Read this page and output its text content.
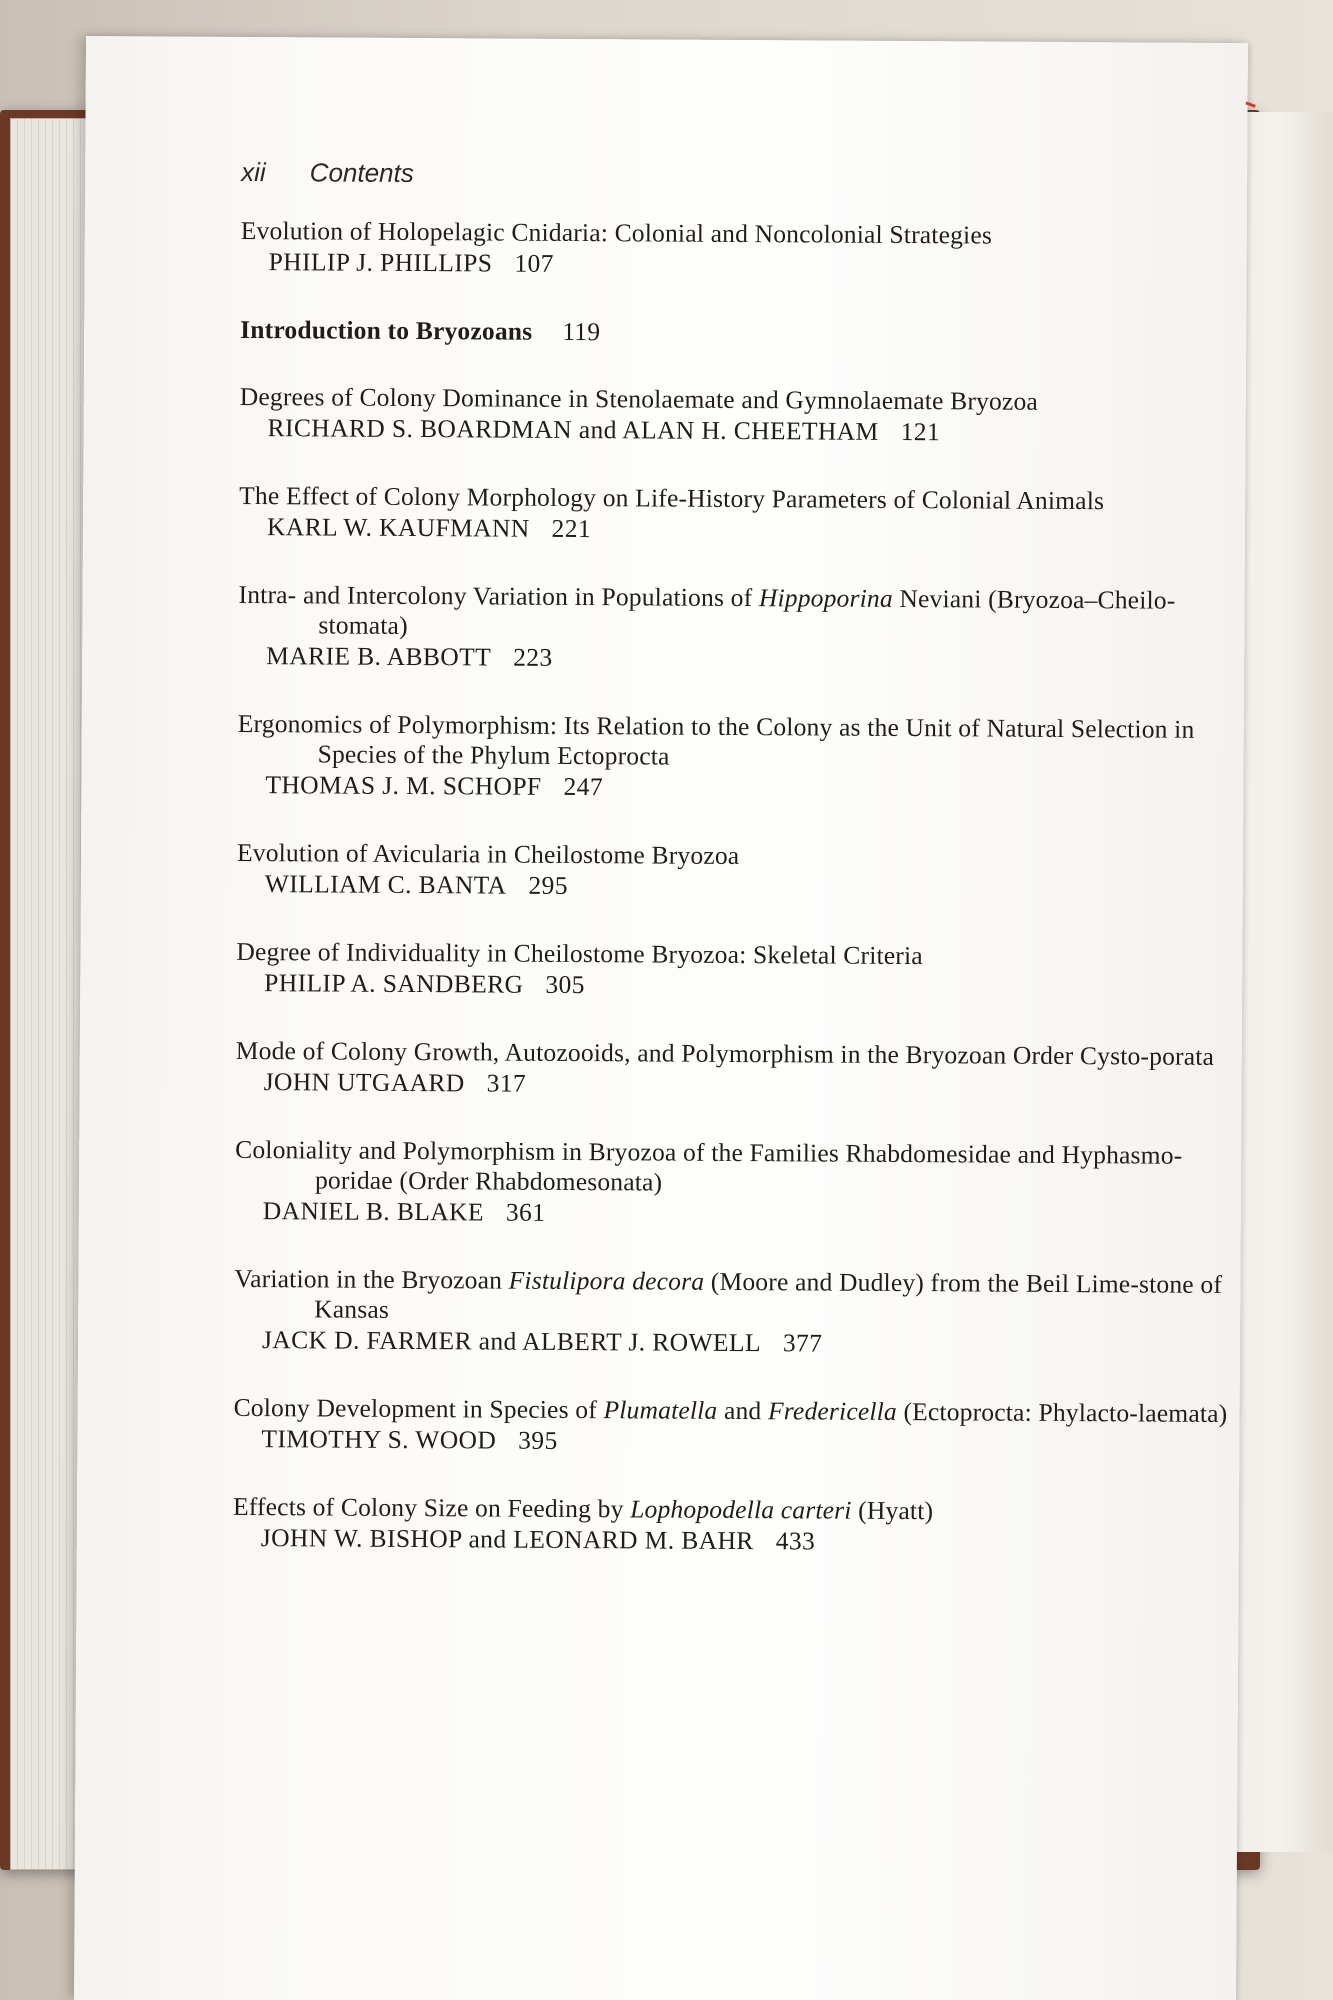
xii Contents
Evolution of Holopelagic Cnidaria: Colonial and Noncolonial Strategies
PHILIP J. PHILLIPS 107
Introduction to Bryozoans 119
Degrees of Colony Dominance in Stenolaemate and Gymnolaemate Bryozoa
RICHARD S. BOARDMAN and ALAN H. CHEETHAM 121
The Effect of Colony Morphology on Life-History Parameters of Colonial Animals
KARL W. KAUFMANN 221
Intra- and Intercolony Variation in Populations of Hippoporina Neviani (Bryozoa–Cheilo-stomata)
MARIE B. ABBOTT 223
Ergonomics of Polymorphism: Its Relation to the Colony as the Unit of Natural Selection in Species of the Phylum Ectoprocta
THOMAS J. M. SCHOPF 247
Evolution of Avicularia in Cheilostome Bryozoa
WILLIAM C. BANTA 295
Degree of Individuality in Cheilostome Bryozoa: Skeletal Criteria
PHILIP A. SANDBERG 305
Mode of Colony Growth, Autozooids, and Polymorphism in the Bryozoan Order Cysto-porata
JOHN UTGAARD 317
Coloniality and Polymorphism in Bryozoa of the Families Rhabdomesidae and Hyphasmo-poridae (Order Rhabdomesonata)
DANIEL B. BLAKE 361
Variation in the Bryozoan Fistulipora decora (Moore and Dudley) from the Beil Lime-stone of Kansas
JACK D. FARMER and ALBERT J. ROWELL 377
Colony Development in Species of Plumatella and Fredericella (Ectoprocta: Phylacto-laemata)
TIMOTHY S. WOOD 395
Effects of Colony Size on Feeding by Lophopodella carteri (Hyatt)
JOHN W. BISHOP and LEONARD M. BAHR 433
